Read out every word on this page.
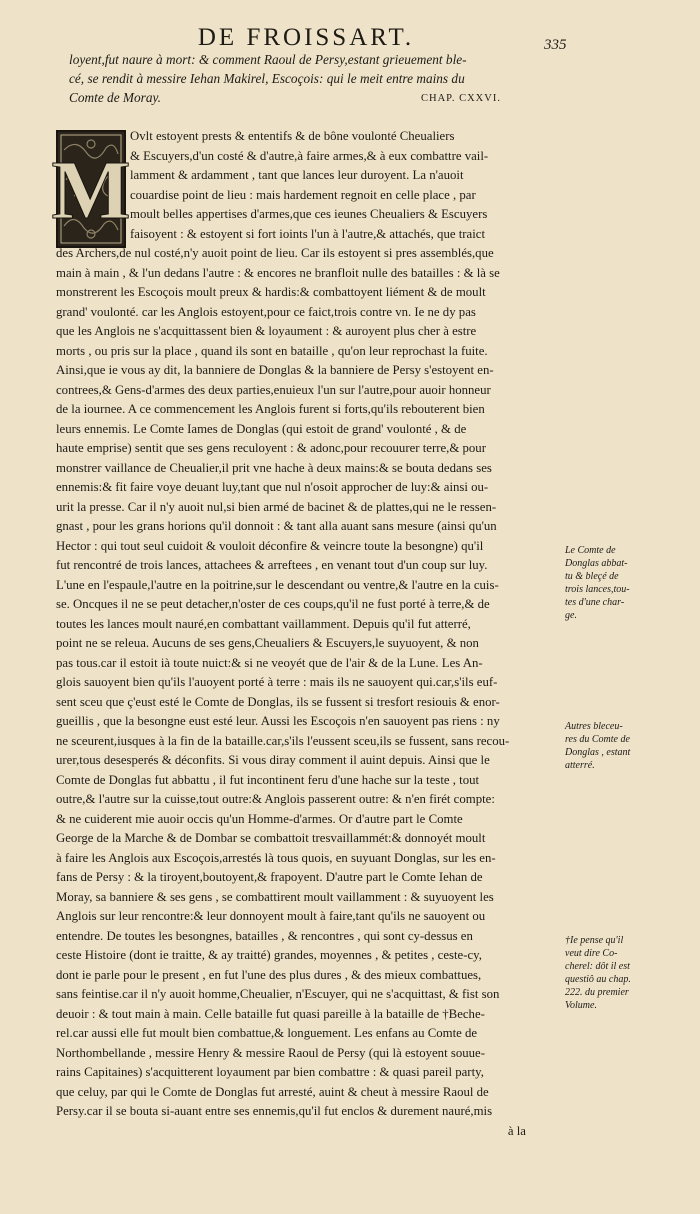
DE FROISSART.	335
loyent,fut naure à mort: & comment Raoul de Persy,estant grieuement ble-
cé, se rendit à messire Iehan Makirel, Escoçois: qui le meit entre mains du
Comte de Moray.	CHAP. CXXVI.
M
Ovlt estoyent prests & ententifs & de bône voulonté Cheualiers
& Escuyers,d'un costé & d'autre,à faire armes,& à eux combattre vail-
lamment & ardamment , tant que lances leur duroyent. La n'auoit
couardise point de lieu : mais hardement regnoit en celle place , par
moult belles appertises d'armes,que ces ieunes Cheualiers & Escuyers
faisoyent : & estoyent si fort ioints l'un à l'autre,& attachés, que traict
des Archers,de nul costé,n'y auoit point de lieu. Car ils estoyent si pres assemblés,que
main à main , & l'un dedans l'autre : & encores ne branfloit nulle des batailles : & là se
monstrerent les Escoçois moult preux & hardis:& combattoyent liément & de moult
grand' voulonté. car les Anglois estoyent,pour ce faict,trois contre vn. Ie ne dy pas
que les Anglois ne s'acquittassent bien & loyaument : & auroyent plus cher à estre
morts , ou pris sur la place , quand ils sont en bataille , qu'on leur reprochast la fuite.
Ainsi,que ie vous ay dit, la banniere de Donglas & la banniere de Persy s'estoyent en-
contrees,& Gens-d'armes des deux parties,enuieux l'un sur l'autre,pour auoir honneur
de la iournee. A ce commencement les Anglois furent si forts,qu'ils rebouterent bien
leurs ennemis. Le Comte Iames de Donglas (qui estoit de grand' voulonté , & de
haute emprise) sentit que ses gens reculoyent : & adonc,pour recouurer terre,& pour
monstrer vaillance de Cheualier,il prit vne hache à deux mains:& se bouta dedans ses
ennemis:& fit faire voye deuant luy,tant que nul n'osoit approcher de luy:& ainsi ou-
urit la presse. Car il n'y auoit nul,si bien armé de bacinet & de plattes,qui ne le ressen-
gnast , pour les grans horions qu'il donnoit : & tant alla auant sans mesure (ainsi qu'un
Hector : qui tout seul cuidoit & vouloit déconfire & veincre toute la besongne) qu'il
fut rencontré de trois lances, attachees & arreftees , en venant tout d'un coup sur luy.
L'une en l'espaule,l'autre en la poitrine,sur le descendant ou ventre,& l'autre en la cuis-
se. Oncques il ne se peut detacher,n'oster de ces coups,qu'il ne fust porté à terre,& de
toutes les lances moult nauré,en combattant vaillamment. Depuis qu'il fut atterré,
point ne se releua. Aucuns de ses gens,Cheualiers & Escuyers,le suyuoyent, & non
pas tous.car il estoit ià toute nuict:& si ne veoyét que de l'air & de la Lune. Les An-
glois sauoyent bien qu'ils l'auoyent porté à terre : mais ils ne sauoyent qui.car,s'ils euf-
sent sceu que ç'eust esté le Comte de Donglas, ils se fussent si tresfort resiouis & enor-
gueillis , que la besongne eust esté leur. Aussi les Escoçois n'en sauoyent pas riens : ny
ne sceurent,iusques à la fin de la bataille.car,s'ils l'eussent sceu,ils se fussent, sans recou-
urer,tous desesperés & déconfits. Si vous diray comment il auint depuis. Ainsi que le
Comte de Donglas fut abbattu , il fut incontinent feru d'une hache sur la teste , tout
outre,& l'autre sur la cuisse,tout outre:& Anglois passerent outre: & n'en firét compte:
& ne cuiderent mie auoir occis qu'un Homme-d'armes. Or d'autre part le Comte
George de la Marche & de Dombar se combattoit tresvaillammét:& donnoyét moult
à faire les Anglois aux Escoçois,arrestés là tous quois, en suyuant Donglas, sur les en-
fans de Persy : & la tiroyent,boutoyent,& frapoyent. D'autre part le Comte Iehan de
Moray, sa banniere & ses gens , se combattirent moult vaillamment : & suyuoyent les
Anglois sur leur rencontre:& leur donnoyent moult à faire,tant qu'ils ne sauoyent ou
entendre. De toutes les besongnes, batailles , & rencontres , qui sont cy-dessus en
ceste Histoire (dont ie traitte, & ay traitté) grandes, moyennes , & petites , ceste-cy,
dont ie parle pour le present , en fut l'une des plus dures , & des mieux combattues,
sans feintise.car il n'y auoit homme,Cheualier, n'Escuyer, qui ne s'acquittast, & fist son
deuoir : & tout main à main. Celle bataille fut quasi pareille à la bataille de †Beche-
rel.car aussi elle fut moult bien combattue,& longuement. Les enfans au Comte de
Northombellande , messire Henry & messire Raoul de Persy (qui là estoyent souue-
rains Capitaines) s'acquitterent loyaument par bien combattre : & quasi pareil party,
que celuy, par qui le Comte de Donglas fut arresté, auint & cheut à messire Raoul de
Persy.car il se bouta si-auant entre ses ennemis,qu'il fut enclos & durement nauré,mis
à la
Le Comte de
Donglas abbat-
tu & bleçé de
trois lances,tou-
tes d'une char-
ge.
Autres bleceu-
res du Comte de
Donglas , estant
atterré.
†Ie pense qu'il
veut dire Co-
cherel: dôt il est
questiô au chap.
222. du premier
Volume.
